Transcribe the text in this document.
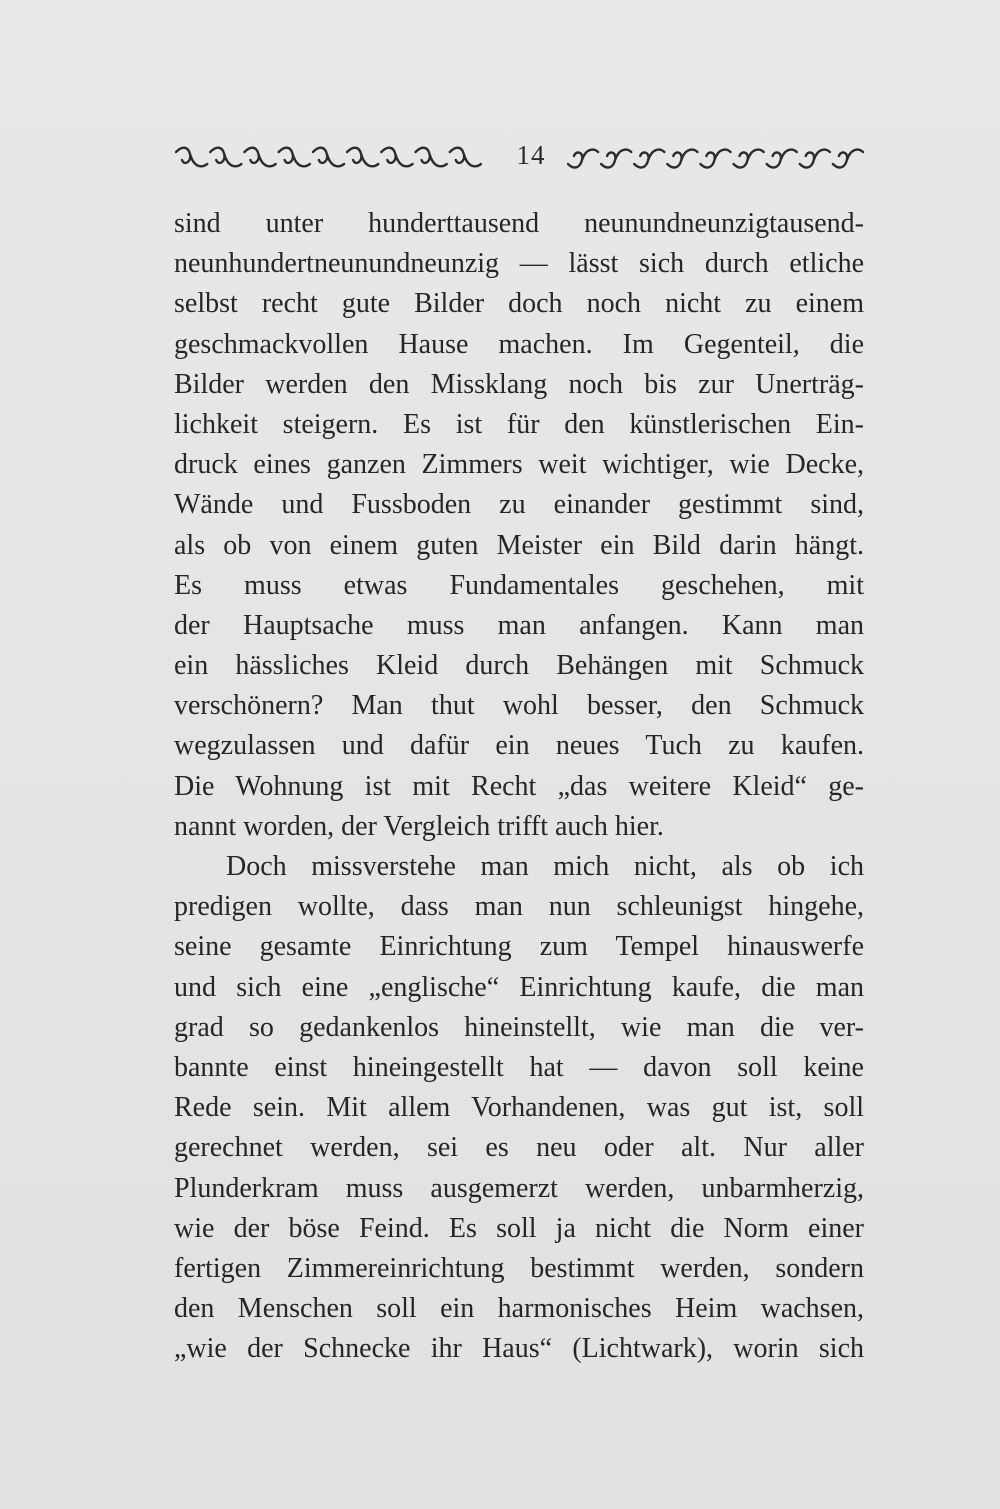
14
sind unter hunderttausend neunundneunzigtausend-
neunhundertneunundneunzig — lässt sich durch etliche
selbst recht gute Bilder doch noch nicht zu einem
geschmackvollen Hause machen. Im Gegenteil, die
Bilder werden den Missklang noch bis zur Unerträg-
lichkeit steigern. Es ist für den künstlerischen Ein-
druck eines ganzen Zimmers weit wichtiger, wie Decke,
Wände und Fussboden zu einander gestimmt sind,
als ob von einem guten Meister ein Bild darin hängt.
Es muss etwas Fundamentales geschehen, mit
der Hauptsache muss man anfangen. Kann man
ein hässliches Kleid durch Behängen mit Schmuck
verschönern? Man thut wohl besser, den Schmuck
wegzulassen und dafür ein neues Tuch zu kaufen.
Die Wohnung ist mit Recht „das weitere Kleid“ ge-
nannt worden, der Vergleich trifft auch hier.
Doch missverstehe man mich nicht, als ob ich
predigen wollte, dass man nun schleunigst hingehe,
seine gesamte Einrichtung zum Tempel hinauswerfe
und sich eine „englische“ Einrichtung kaufe, die man
grad so gedankenlos hineinstellt, wie man die ver-
bannte einst hineingestellt hat — davon soll keine
Rede sein. Mit allem Vorhandenen, was gut ist, soll
gerechnet werden, sei es neu oder alt. Nur aller
Plunderkram muss ausgemerzt werden, unbarmherzig,
wie der böse Feind. Es soll ja nicht die Norm einer
fertigen Zimmereinrichtung bestimmt werden, sondern
den Menschen soll ein harmonisches Heim wachsen,
„wie der Schnecke ihr Haus“ (Lichtwark), worin sich
